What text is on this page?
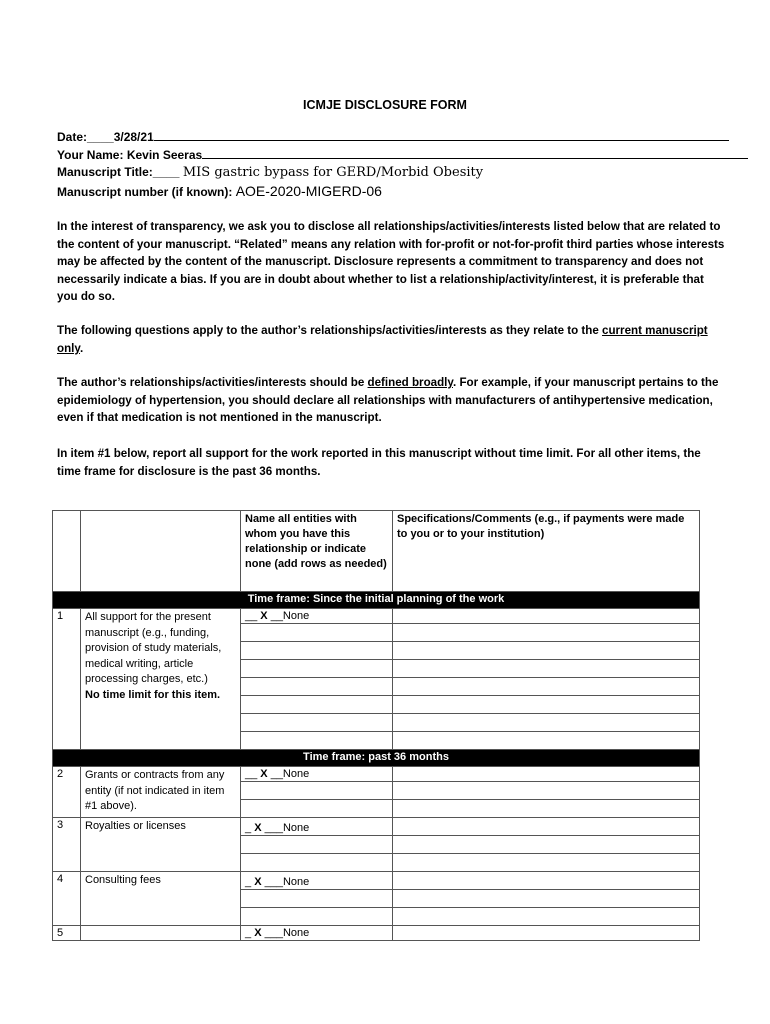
ICMJE DISCLOSURE FORM
Date:____3/28/21
Your Name: Kevin Seeras
Manuscript Title:____ MIS gastric bypass for GERD/Morbid Obesity
Manuscript number (if known): AOE-2020-MIGERD-06
In the interest of transparency, we ask you to disclose all relationships/activities/interests listed below that are related to the content of your manuscript. “Related” means any relation with for-profit or not-for-profit third parties whose interests may be affected by the content of the manuscript. Disclosure represents a commitment to transparency and does not necessarily indicate a bias. If you are in doubt about whether to list a relationship/activity/interest, it is preferable that you do so.
The following questions apply to the author’s relationships/activities/interests as they relate to the current manuscript only.
The author’s relationships/activities/interests should be defined broadly. For example, if your manuscript pertains to the epidemiology of hypertension, you should declare all relationships with manufacturers of antihypertensive medication, even if that medication is not mentioned in the manuscript.
In item #1 below, report all support for the work reported in this manuscript without time limit. For all other items, the time frame for disclosure is the past 36 months.
		Name all entities with whom you have this relationship or indicate none (add rows as needed)	Specifications/Comments (e.g., if payments were made to you or to your institution)
Time frame: Since the initial planning of the work			
1	All support for the present manuscript (e.g., funding, provision of study materials, medical writing, article processing charges, etc.)
No time limit for this item.	__ X __None	

Time frame: past 36 months			
2	Grants or contracts from any entity (if not indicated in item #1 above).	__ X __None	

3	Royalties or licenses	_ X ___None	

4	Consulting fees	_ X ___None	

5		_ X ___None	
